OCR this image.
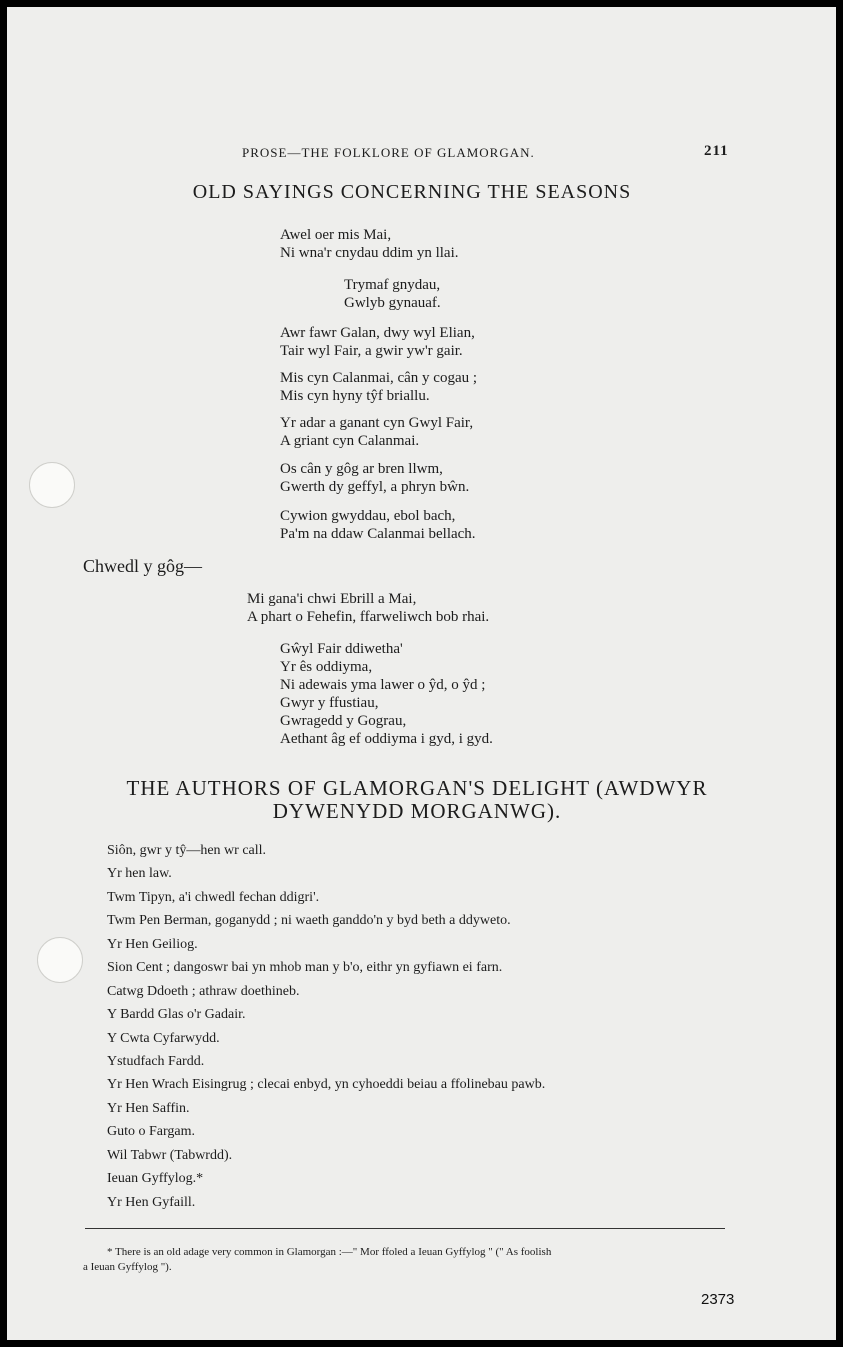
PROSE—THE FOLKLORE OF GLAMORGAN.	211
OLD SAYINGS CONCERNING THE SEASONS
Awel oer mis Mai,
Ni wna'r cnydau ddim yn llai.
Trymaf gnydau,
Gwlyb gynauaf.
Awr fawr Galan, dwy wyl Elian,
Tair wyl Fair, a gwir yw'r gair.
Mis cyn Calanmai, cân y cogau ;
Mis cyn hyny tŷf briallu.
Yr adar a ganant cyn Gwyl Fair,
A griant cyn Calanmai.
Os cân y gôg ar bren llwm,
Gwerth dy geffyl, a phryn bŵn.
Cywion gwyddau, ebol bach,
Pa'm na ddaw Calanmai bellach.
Chwedl y gôg—
Mi gana'i chwi Ebrill a Mai,
A phart o Fehefin, ffarweliwch bob rhai.
Gŵyl Fair ddiwetha'
Yr ês oddiyma,
Ni adewais yma lawer o ŷd, o ŷd ;
Gwyr y ffustiau,
Gwragedd y Gograu,
Aethant âg ef oddiyma i gyd, i gyd.
THE AUTHORS OF GLAMORGAN'S DELIGHT (AWDWYR
DYWENYDD MORGANWG).
Siôn, gwr y tŷ—hen wr call.
Yr hen law.
Twm Tipyn, a'i chwedl fechan ddigri'.
Twm Pen Berman, goganydd ; ni waeth ganddo'n y byd beth a ddyweto.
Yr Hen Geiliog.
Sion Cent ; dangoswr bai yn mhob man y b'o, eithr yn gyfiawn ei farn.
Catwg Ddoeth ; athraw doethineb.
Y Bardd Glas o'r Gadair.
Y Cwta Cyfarwydd.
Ystudfach Fardd.
Yr Hen Wrach Eisingrug ; clecai enbyd, yn cyhoeddi beiau a ffolinebau pawb.
Yr Hen Saffin.
Guto o Fargam.
Wil Tabwr (Tabwrdd).
Ieuan Gyffylog.*
Yr Hen Gyfaill.
* There is an old adage very common in Glamorgan :—" Mor ffoled a Ieuan Gyffylog " (" As foolish
a Ieuan Gyffylog ").
2373
